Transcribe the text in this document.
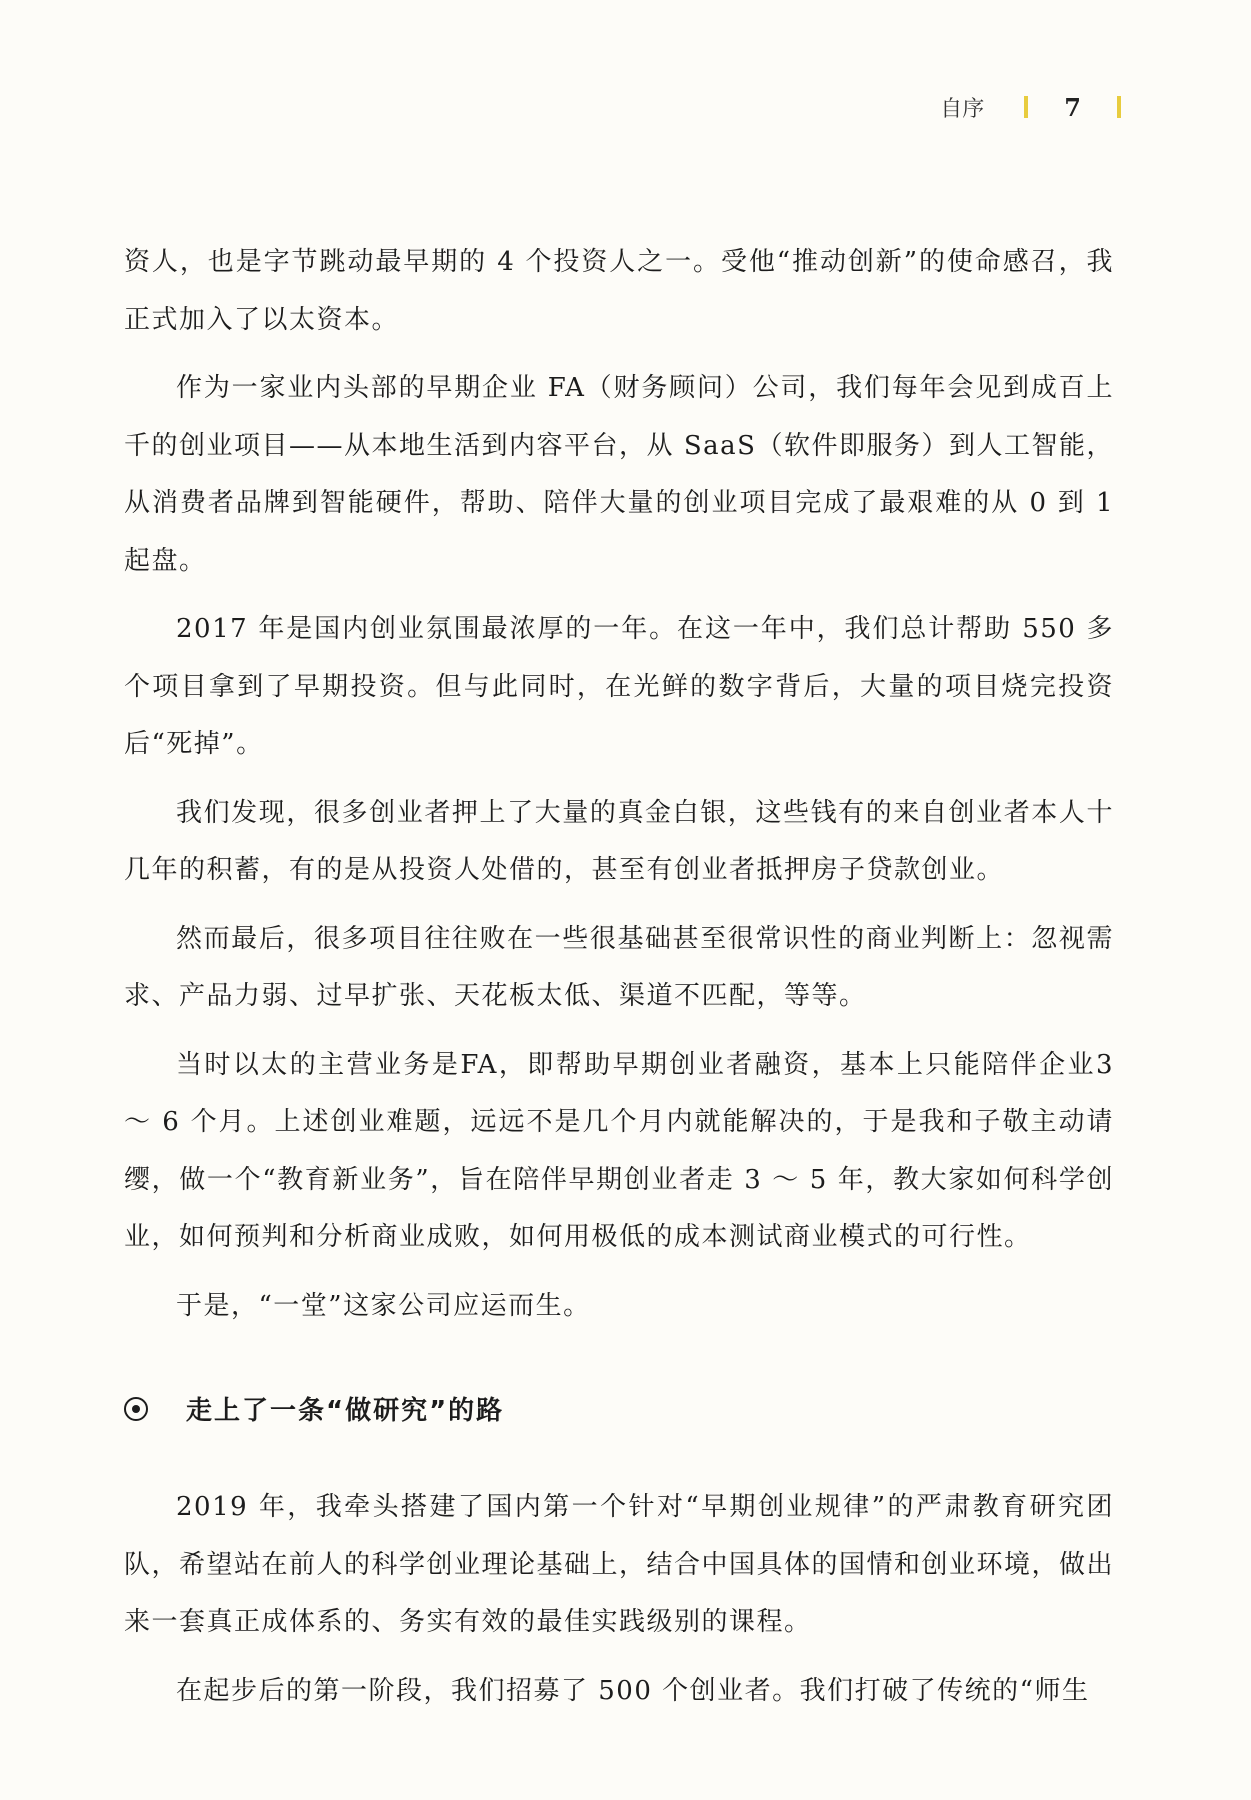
自序	7

资人，也是字节跳动最早期的 4 个投资人之一。受他“推动创新”的使命感召，我正式加入了以太资本。

作为一家业内头部的早期企业 FA（财务顾问）公司，我们每年会见到成百上千的创业项目——从本地生活到内容平台，从 SaaS（软件即服务）到人工智能，从消费者品牌到智能硬件，帮助、陪伴大量的创业项目完成了最艰难的从 0 到 1 起盘。

2017 年是国内创业氛围最浓厚的一年。在这一年中，我们总计帮助 550 多个项目拿到了早期投资。但与此同时，在光鲜的数字背后，大量的项目烧完投资后“死掉”。

我们发现，很多创业者押上了大量的真金白银，这些钱有的来自创业者本人十几年的积蓄，有的是从投资人处借的，甚至有创业者抵押房子贷款创业。

然而最后，很多项目往往败在一些很基础甚至很常识性的商业判断上：忽视需求、产品力弱、过早扩张、天花板太低、渠道不匹配，等等。

当时以太的主营业务是FA，即帮助早期创业者融资，基本上只能陪伴企业3 ～ 6 个月。上述创业难题，远远不是几个月内就能解决的，于是我和子敬主动请缨，做一个“教育新业务”，旨在陪伴早期创业者走 3 ～ 5 年，教大家如何科学创业，如何预判和分析商业成败，如何用极低的成本测试商业模式的可行性。

于是，“一堂”这家公司应运而生。

走上了一条“做研究”的路

2019 年，我牵头搭建了国内第一个针对“早期创业规律”的严肃教育研究团队，希望站在前人的科学创业理论基础上，结合中国具体的国情和创业环境，做出来一套真正成体系的、务实有效的最佳实践级别的课程。

在起步后的第一阶段，我们招募了 500 个创业者。我们打破了传统的“师生
